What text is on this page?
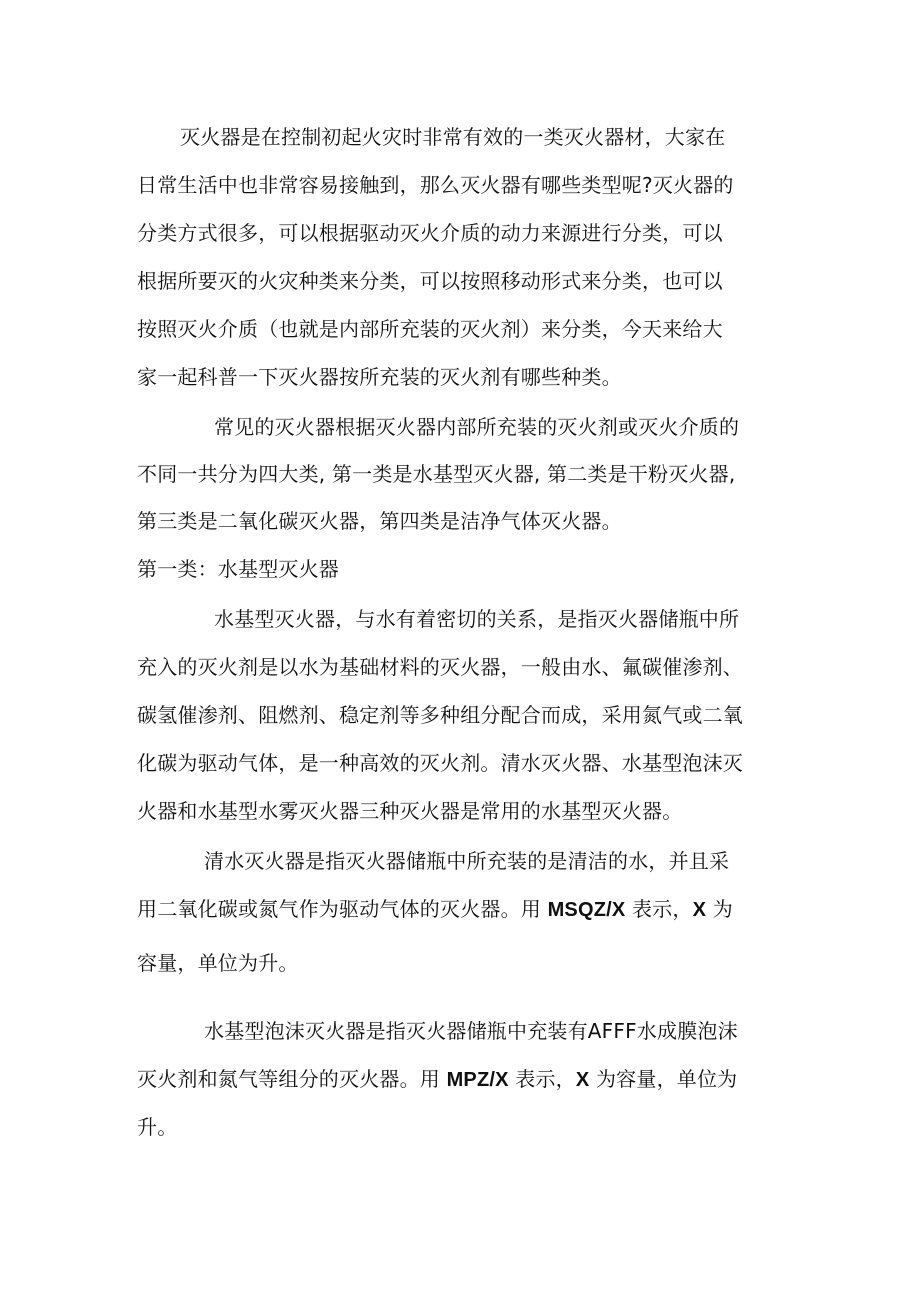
灭火器是在控制初起火灾时非常有效的一类灭火器材，大家在
日常生活中也非常容易接触到，那么灭火器有哪些类型呢?灭火器的
分类方式很多，可以根据驱动灭火介质的动力来源进行分类，可以
根据所要灭的火灾种类来分类，可以按照移动形式来分类，也可以
按照灭火介质（也就是内部所充装的灭火剂）来分类，今天来给大
家一起科普一下灭火器按所充装的灭火剂有哪些种类。
常见的灭火器根据灭火器内部所充装的灭火剂或灭火介质的
不同一共分为四大类, 第一类是水基型灭火器, 第二类是干粉灭火器,
第三类是二氧化碳灭火器，第四类是洁净气体灭火器。
第一类：水基型灭火器
水基型灭火器，与水有着密切的关系，是指灭火器储瓶中所
充入的灭火剂是以水为基础材料的灭火器，一般由水、氟碳催渗剂、
碳氢催渗剂、阻燃剂、稳定剂等多种组分配合而成，采用氮气或二氧
化碳为驱动气体，是一种高效的灭火剂。清水灭火器、水基型泡沫灭
火器和水基型水雾灭火器三种灭火器是常用的水基型灭火器。
清水灭火器是指灭火器储瓶中所充装的是清洁的水，并且采
用二氧化碳或氮气作为驱动气体的灭火器。用 MSQZ/X 表示，X 为
容量，单位为升。
水基型泡沫灭火器是指灭火器储瓶中充装有AFFF水成膜泡沫
灭火剂和氮气等组分的灭火器。用 MPZ/X 表示，X 为容量，单位为
升。
